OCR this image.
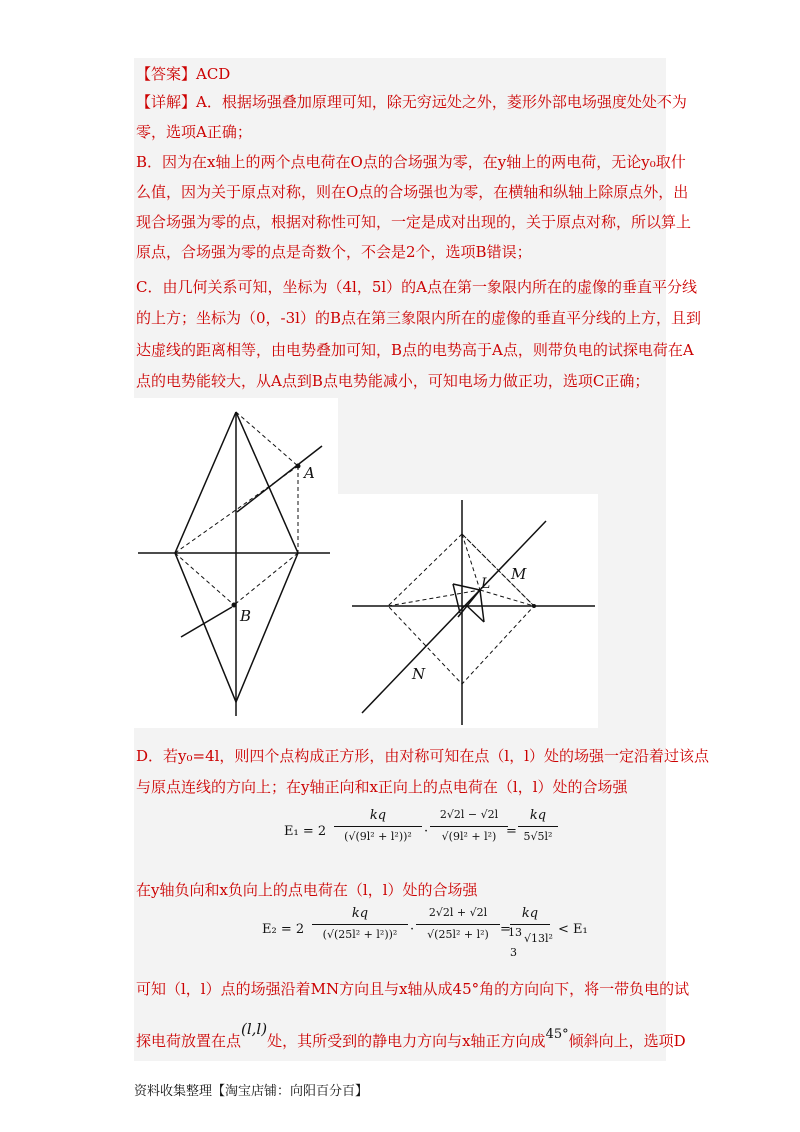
【答案】ACD
【详解】A．根据场强叠加原理可知，除无穷远处之外，菱形外部电场强度处处不为
零，选项A正确；
B．因为在x轴上的两个点电荷在O点的合场强为零，在y轴上的两电荷，无论y₀取什
么值，因为关于原点对称，则在O点的合场强也为零，在横轴和纵轴上除原点外，出
现合场强为零的点，根据对称性可知，一定是成对出现的，关于原点对称，所以算上
原点，合场强为零的点是奇数个，不会是2个，选项B错误；
C．由几何关系可知，坐标为（4l，5l）的A点在第一象限内所在的虚像的垂直平分线
的上方；坐标为（0，-3l）的B点在第三象限内所在的虚像的垂直平分线的上方，且到
达虚线的距离相等，由电势叠加可知，B点的电势高于A点，则带负电的试探电荷在A
点的电势能较大，从A点到B点电势能减小，可知电场力做正功，选项C正确；
A
B
M
N
L
D．若y₀=4l，则四个点构成正方形，由对称可知在点（l，l）处的场强一定沿着过该点
与原点连线的方向上；在y轴正向和x正向上的点电荷在（l，l）处的合场强
E₁ = 2
kq
(√(9l² + l²))² ·
2√2l − √2l
√(9l² + l²) =
kq
5√5l²
在y轴负向和x负向上的点电荷在（l，l）处的合场强
E₂ = 2
kq
(√(25l² + l²))² ·
2√2l + √2l
√(25l² + l²) =
kq
13 √13l²
3
< E₁
可知（l，l）点的场强沿着MN方向且与x轴从成45°角的方向向下，将一带负电的试
探电荷放置在点(l,l)处，其所受到的静电力方向与x轴正方向成45°倾斜向上，选项D
资料收集整理【淘宝店铺：向阳百分百】
